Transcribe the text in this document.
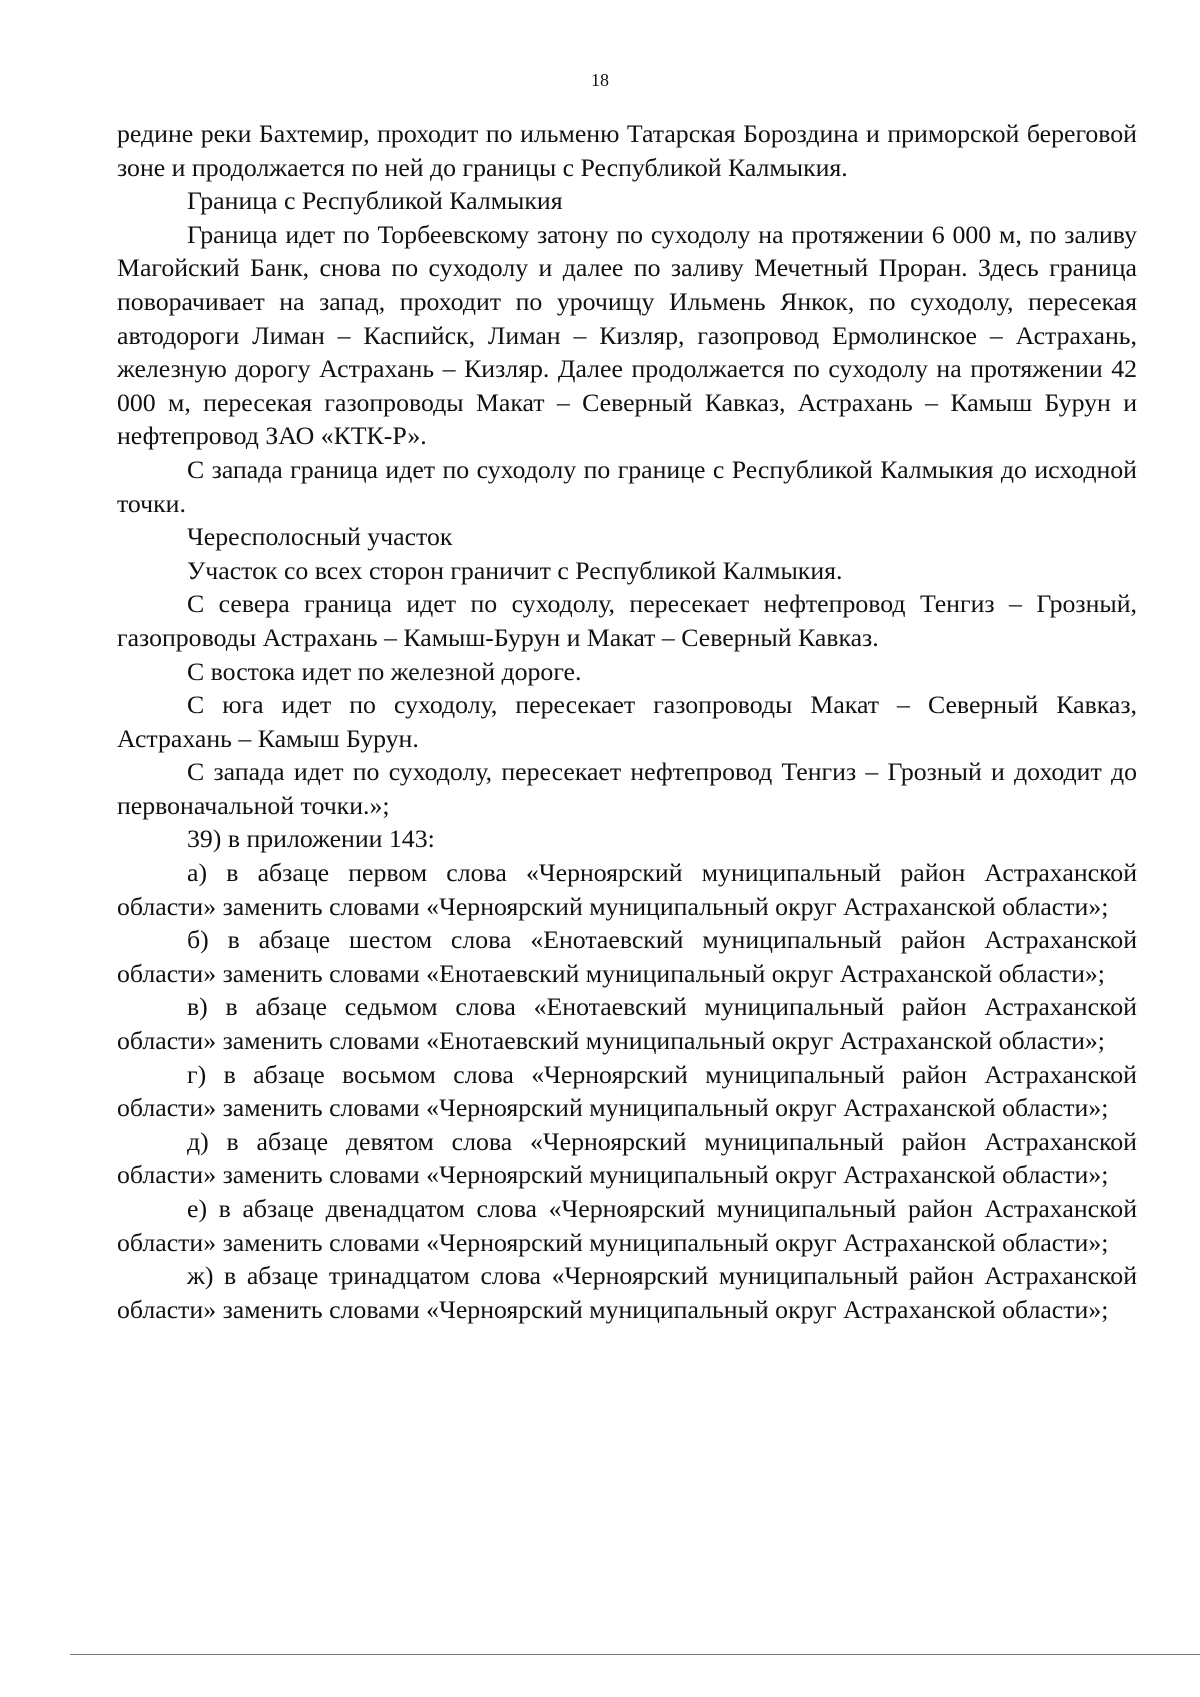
18

редине реки Бахтемир, проходит по ильменю Татарская Бороздина и приморской береговой зоне и продолжается по ней до границы с Республикой Калмыкия.

Граница с Республикой Калмыкия

Граница идет по Торбеевскому затону по суходолу на протяжении 6 000 м, по заливу Магойский Банк, снова по суходолу и далее по заливу Мечетный Проран. Здесь граница поворачивает на запад, проходит по урочищу Ильмень Янкок, по суходолу, пересекая автодороги Лиман – Каспийск, Лиман – Кизляр, газопровод Ермолинское – Астрахань, железную дорогу Астрахань – Кизляр. Далее продолжается по суходолу на протяжении 42 000 м, пересекая газопроводы Макат – Северный Кавказ, Астрахань – Камыш Бурун и нефтепровод ЗАО «КТК-Р».

С запада граница идет по суходолу по границе с Республикой Калмыкия до исходной точки.

Чересполосный участок

Участок со всех сторон граничит с Республикой Калмыкия.

С севера граница идет по суходолу, пересекает нефтепровод Тенгиз – Грозный, газопроводы Астрахань – Камыш-Бурун и Макат – Северный Кавказ.

С востока идет по железной дороге.

С юга идет по суходолу, пересекает газопроводы Макат – Северный Кавказ, Астрахань – Камыш Бурун.

С запада идет по суходолу, пересекает нефтепровод Тенгиз – Грозный и доходит до первоначальной точки.»;

39) в приложении 143:

а) в абзаце первом слова «Черноярский муниципальный район Астраханской области» заменить словами «Черноярский муниципальный округ Астраханской области»;

б) в абзаце шестом слова «Енотаевский муниципальный район Астраханской области» заменить словами «Енотаевский муниципальный округ Астраханской области»;

в) в абзаце седьмом слова «Енотаевский муниципальный район Астраханской области» заменить словами «Енотаевский муниципальный округ Астраханской области»;

г) в абзаце восьмом слова «Черноярский муниципальный район Астраханской области» заменить словами «Черноярский муниципальный округ Астраханской области»;

д) в абзаце девятом слова «Черноярский муниципальный район Астраханской области» заменить словами «Черноярский муниципальный округ Астраханской области»;

е) в абзаце двенадцатом слова «Черноярский муниципальный район Астраханской области» заменить словами «Черноярский муниципальный округ Астраханской области»;

ж) в абзаце тринадцатом слова «Черноярский муниципальный район Астраханской области» заменить словами «Черноярский муниципальный округ Астраханской области»;
